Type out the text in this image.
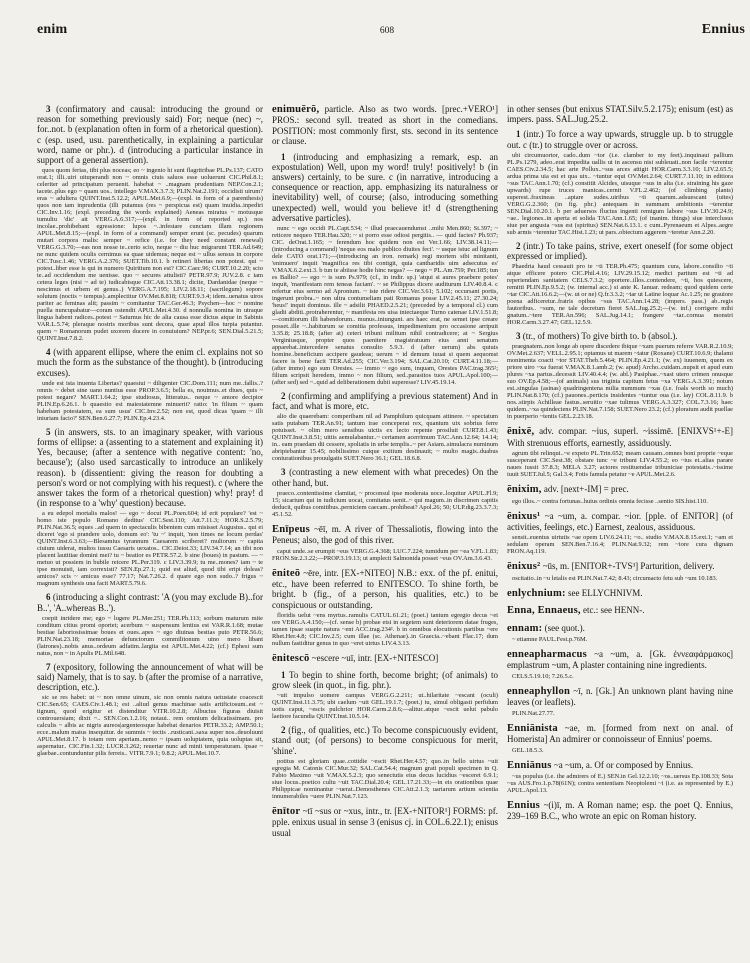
enim	608	Ennius

3 (confirmatory and causal: introducing the ground or reason for something previously said) For; neque (nec) ~, for..not. b (explanation often in form of a rhetorical question). c (esp. used, usu. parenthetically, in explaining a particular word, name or phr.). d (introducing a particular instance in support of a general assertion).

quos quom ferias, tibi plus noceas; eo ~ ingenio hi sunt flagritribae PL.Ps.137; CATO orat.1; illi..uiri uituperandi non ~ omnis ciuis saluos esse uoluerunt CIC.Phil.8.1; celeriter ad principatum peruenit. habebat ~ ..magnam prudentiam NEP.Con.2.1; tacete..plus ego ~ quam uos.. intellego V.MAX.3.7.3; PLIN.Nat.2.191; occidisti uirum? eras ~ adultera QUINT.Inst.5.12.2; APUL.Met.6.9;—(expl. in form of a parenthesis) quos non tam inprudentia (illi putamus (res ~ perspicua est) quam inuidia..inpediri CIC.Inv.1.16; (expl. preceding the words explained) Aeneas miratus ~ motusque tumultu 'dic' ait VERG.A.6.317;—(expl. in form of reported sp.) nos incolae..prohibebant egressione: lupos ~..infestare cunctam illam regionem APUL.Met.8.15;—(expl. in form of a command) semper erunt (sc. pecudes) quarum mutari corpora malis: semper ~ refice (i.e. for they need constant renewal) VERG.G.3.70;—eas non nosse te..certo scio, neque ~ diu huc migrarunt TER.Ad.649; ne nunc quidem oculis cernimus ea quae uidemus; neque est ~ ullus sensus in corpore CIC.Tusc.1.46; VERG.A.2.376; SUET.Tib.10.1. b retineri libertas non potest. qui ~ potest..liber esse is qui in numero Quiritium non est? CIC.Caec.96; CURT.10.2.20; scio te..ad occidendum me uenisse. quo ~ secures attulisti? PETR.97.9; JUV.2.8. c iam cetera leges (nisi ~ ad te) iudicabisque CIC.Att.13.38.1; dicite, Dardanidae (neque ~ nescimus et urbem et genus..) VERG.A.7.195; LIV.2.18.11; (sacrilegum) sopore solutum (noctis ~ tempus)..amplectitur OV.Met.8.818; CURT.9.3.4; idem..uenatus uiros pariter ac feminas alit; passim ~ comitantur TAC.Ger.46.3; Psychen—hoc ~ nomine puella nuncupabatur—coram ostendit APUL.Met.4.30. d nonnulla nomina in utraque lingua habent radices..potest ~ Saturnus hic de alia causa esse dictus atque in Sabinis VAR.L.5.74; pleraque nostris moribus sunt decora, quae apud illos turpia putantur. quem ~ Romanorum pudet uxorem ducere in conuiuium? NEP.pr.6; SEN.Dial.5.21.5; QUINT.Inst.7.8.2.

4 (with apparent ellipse, where the enim cl. explains not so much the form as the substance of the thought). b (introducing excuses).

unde est ista inuenta Libertas? quaesiui ~ diligenter CIC.Dom.111; num me..fallis..? omnis ~ debet sine uano nuntius esse PROP.3.6.5; bella es, nouimus..et diues, quis ~ potest negare? MART.1.64.2; ipse studiosus, litteratus.. neque ~ amore decipior PLIN.Ep.6.26.1. b quaestio est maiestatemne minuerit? ratio: 'in filium ~ quam habebam potestatem, ea sum usus' CIC.Inv.2.52; non est, quod dicas 'quam ~ illi iniuriam facio?' SEN.Ben.6.27.7; PLIN.Ep.4.23.4.

5 (in answers, sts. to an imaginary speaker, with various forms of ellipse: a (assenting to a statement and explaining it) Yes, because; (after a sentence with negative content: 'no, because'); (also used sarcastically to introduce an unlikely reason). b (dissentient: giving the reason for doubting a person's word or not complying with his request). c (where the answer takes the form of a rhetorical question) why! pray! d (in response to a 'why' question) because.

a eu edepol mortalis malos! — ego ~ docui PL.Poen.604; id erit populare? 'est ~ homo iste populo Romano deditus' CIC.Sest.110; Att.7.11.3; HOR.S.2.5.79; PLIN.Nat.36.5; eques ..ad quem in spectaculis bibentem cum misisset Augustus.. qui ei diceret 'ego si prandere uolo, domum eo': 'tu ~' inquit, 'non times ne locum perdas' QUINT.Inst.6.3.63;—Blesamius tyrannum Caesarem scriberet? multorum ~ capita ciuium uiderat, multos iussu Caesaris uexatos.. CIC.Deiot.33; LIV.34.7.14; an tibi non placent lautitiae domini mei? tu ~ beatior es PETR.57.2. b sine (boues) in pastum. — ~ metuo ut possiem in bubile reicere PL.Per.319. c LIV.3.39.9; tu me..mones? iam ~ te ipse monuisti, iam correxisti? SEN.Ep.27.1; quid est aliud, quod tibi eripi doleas? amicos? scis ~ amicus esse? 77.17; Nat.7.26.2. d quare ego non sudo..? frigus ~ magnum synthesis una facit MART.5.79.6.

6 (introducing a slight contrast: 'A (you may exclude B)..for B..', 'A..whereas B..').

coepit inridere me; ego ~ lugere PL.Mer.251; TER.Ph.113; sorbum maturum mite conditum citius promi oportet; acerbum ~ suspensum lentius est VAR.R.1.68; mutae bestiae laboriosissimae boues et oues..apes ~ ego diuinas bestias puto PETR.56.6; PLIN.Nat.23.18; memoriae defunctorum commilitonum uino mero libant (latrones)..nobis anus..ordeum adfatim..largita est APUL.Met.4.22; (cf.) Ephesi sum natus, non ~ in Apulis PL.Mil.648.

7 (expository, following the announcement of what will be said) Namely, that is to say. b (after the promise of a narrative, description, etc.).

sic se res habet: ut ~ non omne uinum, sic non omnis natura uetustate coacescit CIC.Sen.65; CAES.Civ.1.48.1; est ..aliud genus machinae satis artificiosum..est ~ tignum, quod erigitur et distenditur VITR.10.2.8; Albucius figuras diuisit controuersiam; dixit ~.. SEN.Con.1.2.16; notaui.. rem omnium delicatissimam. pro calculis ~ albis ac nigris aureos|argenteosque habebat denarios PETR.33.2; AMP.50.1; ecce..malum maius insequitur. de summis ~ tectis ..rusticani..saxa super nos..deuoluunt APUL.Met.8.17. b totam rem aperiam..nemo ~ ipsam uoluptatem, quia uoluptas sit, aspernatur.. CIC.Fin.1.32; LUCR.3.262; reuertar nunc ad minii temperaturam. ipsae ~ glaebae..contunduntur pilis ferreis.. VITR.7.9.1; 9.8.2; APUL.Met.10.7.

enimuērō, particle. Also as two words. [prec.+VERO¹] PROS.: second syll. treated as short in the comedians. POSITION: most commonly first, sts. second in its sentence or clause.

1 (introducing and emphasizing a remark, esp. an expostulation) Well, upon my word! truly! positively! b (in answers) certainly, to be sure. c (in narrative, introducing a consequence or reaction, app. emphasizing its naturalness or inevitability) well, of course; (also, introducing something unexpected) well, would you believe it! d (strengthening adversative particles).

nunc ~ ego occidi PL.Capt.534; ~ illud praecauendumst ..mihi Men.860; St.397; ~ reticere nequeo TER.Hau.320; ~ si porro esse odiosi pergitis.. — quid facies? Ph.937; CIC. deOrat.1.165; ~ ferendum hoc quidem non est Ver.1.66; LIV.38.14.11;—(introducing a command) 'neque eos malo publico diuites feci'. ~ usque istuc ad lignum dele CATO orat.171;—(introducing an iron. remark) regi mortem sibi minitanti, 'enimuero' inquit 'magnifica res tibi contigit, quia cantharidis uim adsecutus es' V.MAX.6.2.ext.3. b tun te abiisse hodie hinc negas? — nego ~ PL.Am.759; Per.185; tun es Ballio? — ego ~ is sum Ps.979; (cf., in indir. sp.) 'atqui si aures praebere potes' inquit, 'manifestam rem teneas faciam'. ~ se Philippus dicere auditurum LIV.40.8.4. c refertur eius sermo ad Apronium. ~ iste ridere CIC.Ver.3.61; 5.102; occursant portis, ingerunt probra..~ non ultra contumeliam pati Romanus posse LIV.2.45.11; 27.30.24; 'heus!' inquit dominus. ille ~ adsilit PHAED.2.5.21; (preceded by a temporal cl.) cum gladii abditi..protraherentur, ~ manifesta res uisa iniectaeque Turno catenae LIV.1.51.8;—comitiorum illi habendorum.. munus..iniungunt. ars haec erat, ne semet ipse creare posset..ille ~..habiturum se comitia professus, impedimentum pro occasione arripuit 3.35.8; 25.18.8; (after at) ceteri tribuni militum nihil contradicere; at ~ Sergius Verginiusque, propter quos paenitere magistratuum eius anni senatum apparebat..intercedere senatus consulto 5.9.3. d (after uerum) abs quiuis homine..beneficium accipere gaudeas; uerum ~ id demum iuuat si quem aequomst facere is bene facit TER.Ad.255; CIC.Ver.3.194; SAL.Cat.20.10; CURT.4.11.18;—(after immo) ego sum Orestes. — immo ~ ego sum, inquam, Orestes PAC.trag.365²; filium scripsit heredem, immo ~ non filium, sed..parasitos tuos APUL.Apol.100;—(after sed) sed ~..quid ad deliberationem dubii superesse? LIV.45.19.14.

2 (confirming and amplifying a previous statement) And in fact, and what is more, etc.

alio die quaerebam: comperibam nil ad Pamphilum quicquam attinere. ~ spectatum satis putabam TER.An.91; tantum irae conceperat rex, quantum uix sobrius ferre potuisset. ~ olim mero sensibus uictis ex lecto repente prosiluit CURT.8.1.43; QUINT.Inst.3.8.51; uitiis aemulabantur..~ certamen acerrimum TAC.Ann.12.64; 14.14; in.. eam praedam dii cessere, spoliatis in urbe templis..~ per Asiam..simulacra numinum abripiebantur 15.45; nobilissimo cuique exitium destinauit; ~ multo magis..duabus coniurationibus prouulgatis SUET.Nero 36.1; GEL.18.6.8.

3 (contrasting a new element with what precedes) On the other hand, but.

praeco..contentissime clamitat, ~ proconsul ipse moderata uoce..loquitur APUL.Fl.9; 15; sicarium qui in iudicium uocat, comitatus uenit..~ qui magum..in discrimen capitis deducit, quibus comitibus..perniciem caecam..prohibeat? Apol.26; 50; ULP.dig.23.3.7.3; 45.1.52.

Enīpeus ~ēī, m. A river of Thessaliotis, flowing into the Peneus; also, the god of this river.

caput unde..se erumpit ~eus VERG.G.4.368; LUC.7.224; tumidum per ~ea V.FL.1.83; FRON.Str.2.3.22;—PROP.3.19.13; ut amplecti Salmonida posset ~eus OV.Am.3.6.43.

ēniteō ~ēre, intr. [EX-+NITEO] N.B.: exx. of the pf. enitui, etc., have been referred to ENITESCO. To shine forth, be bright. b (fig., of a person, his qualities, etc.) to be conspicuous or outstanding.

floridis uelut ~ens myrtus..ramulis CATUL.61.21; (poet.) tantum egregio decus ~et ore VERG.A.4.150;—(cf. sense b) probae etsi in segetem sunt deteriorem datae fruges, tamen ipsae suapte natura ~ent ACC.trag.234¹. b in omnibus elocutionis partibus ~ere Rhet.Her.4.8; CIC.Inv.2.5; cum illae (sc. Athenae)..in Graecia..~ebant Flac.17; dum nullum fastiditur genus in quo ~eret uirtus LIV.4.3.13.

ēnitescō ~escere ~uī, intr. [EX-+NITESCO]

1 To begin to shine forth, become bright; (of animals) to grow sleek (in quot., in fig. phr.).

~uit impulso uomere campus VERG.G.2.211; ut..hilaritate ~escant (oculi) QUINT.Inst.11.3.75; ubi caelum ~uit GEL.19.1.7; (poet.) tu, simul obligasti perfidum uotis caput, ~escis pulchrior HOR.Carm.2.8.6;—alitur..atque ~escit uelut pabulo laetiore facundia QUINT.Inst.10.5.14.

2 (fig., of qualities, etc.) To become conspicuously evident, stand out; (of persons) to become conspicuous for merit, 'shine'.

potitus est gloriam quae..cottidie ~escit Rhet.Her.4.57; quo..in bello uirtus ~uit egregia M. Catonis CIC.Mur.32; SAL.Cat.54.4; magnum grati populi specimen in Q. Fabio Maximo ~uit V.MAX.5.2.3; quo senectutis eius decus lucidius ~esceret 6.9.1; siue locus..poetico cultu ~uit TAC.Dial.20.4; GEL.17.21.33;—in eis orationibus quae Philippicae nominantur ~uerat..Demosthenes CIC.Att.2.1.3; uariarum artium scientia innumerabiles ~uere PLIN.Nat.7.123.

ēnītor ~tī ~sus or ~xus, intr., tr. [EX-+NITOR¹] FORMS: pf. pple. enixus usual in sense 3 (enisus cj. in COL.6.22.1); enisus usual

in other senses (but enixus STAT.Silv.5.2.175); enisum (est) as impers. pass. SAL.Jug.25.2.

1 (intr.) To force a way upwards, struggle up. b to struggle out. c (tr.) to struggle over or across.

ubi circumuortor, cado..dum ~tor (i.e. clamber to my feet)..inquinaui pallium PL.Ps.1279, adeo..erat impedita uallis ut in ascensu nisi subleuati..non facile ~terentur CAES.Civ.2.34.5; hac arte Pollux..~sus arces attigit HOR.Carm.3.3.10; LIV.2.65.5; ardua prima uia est et qua uix.. ~tuntur equi OV.Met.2.64; CURT.7.11.10; in editiora ~sus TAC.Ann.1.70; (cf.) constitit Alcides, uisuque ~sus in alta (i.e. straining his gaze upwards) rupe truces manicas..cernit V.FL.2.462; (of climbing plants) superest..fraxineas ..aptare sudes..uiribus ~ti quarum..adsuescant (uites) VERG.G.2.360; (in fig. phr.) antequam in summam ambitionis ~terentur SEN.Dial.10.20.1. b per aduersos fluctus ingenti remigum labore ~sus LIV.30.24.9; ~ae.. legiones..in aperta et solida TAC.Ann.1.65; (of inanim. things) siue interclusus siue per angusta ~sus est (spiritus) SEN.Nat.6.13.1. c cum..Pyrenaeum et Alpes..aegre sub armis ~terentur TAC.Hist.1.23; ut pars..obiectum aggerem ~teretur Ann.2.20.

2 (intr.) To take pains, strive, exert oneself (for some object expressed or implied).

Phaedria haud cessauit pro te ~ti TER.Ph.475; quantum cura, labore..consilio ~ti atque efficere potero CIC.Phil.4.16; LIV.29.15.12; medici partium est ~ti ad reperiendam sanitatem CELS.7.3.2; oportere..illos..contendere, ~ti, hos quiescere, remitti PLIN.Ep.9.5.2; (w. internal acc.) si ante K. Ianuar. redeam; quod quidem certe ~tar CIC.Att.16.6.2;—(w. ut or ne) Q.fr.3.3.2; ~tar ut Latine loquar Ac.1.25; ne grauiore poena adficeretur..fratris opibus ~sus TAC.Ann.14.28; (impers. pass.) ab..regis fautoribus.. ~sum, ne tale decretum fieret SAL.Jug.25.2;—(w. inf.) corrigere mihi gnatum..~tere TER.An.596; SAL.Jug.14.1; frangere ~tar..cornua monstri HOR.Carm.3.27.47; GEL.12.5.9.

3 (tr., of mothers) To give birth to. b (absol.).

praegnatem..non longe ab opere discedere ibique ~xam puerum referre VAR.R.2.10.9; OV.Met.2.637; VELL.2.95.1; optamus ut marem ~tatur (Roxane) CURT.10.6.9; thalami monimenta coacti ~tor STAT.Theb.5.464; PLIN.Ep.4.21.1; (w. ex) iuuenem, quem ex priore uiro ~xa fuerat V.MAX.8.1.amb.2; (w. apud) Archo..cuidam..nupsit et apud eum plures ~xa partus..decessit LIV.40.4.4; (w. abl.) Pasiphae..~xast utero crimen onusque suo OV.Ep.4.58;—(of animals) sus triginta capitum fetus ~xa VERG.A.3.391; notum est..singulas (asinas) quadringentena milia nummum ~xas (i.e. foals worth so much) PLIN.Nat.8.170; (cf.) pauones..perticis insidentes ~tuntur oua (i.e. lay) COL.8.11.9. b nos..stirpis Achilleae fastus..seruitio ~xae tulimus VERG.A.3.327; COL.7.3.16; haec quidem..~xa quindeciens PLIN.Nat.7.158; SUET.Nero 23.2; (cf.) ploratum audit puellae in puerperio ~tentis GEL.2.23.18.

ēnixē, adv. compar. ~ius, superl. ~issimē. [ENIXVS¹+-E] With strenuous efforts, earnestly, assiduously.

agrum tibi relinqui..~e expeto PL.Trin.652; meam causam..omnes boni proprie ~eque susceperant CIC.Sest.38; obstare tunc ~e tribuni LIV.4.55.2; eo ~ius et..alias parare naues iussit 37.8.3; MELA 3.27; actores restituendae tribuniciae potestatis..~issime iuuit SUET.Jul.5; Gal.3.4; Fotis famula petatur ~e APUL.Met.2.6.

ēnixim, adv. [next+-IM] = prec.

ego illos..~ contra fortunas..huius ordinis omnia fecisse ..sentio SIS.hist.110.

ēnixus¹ ~a ~um, a. compar. ~ior. [pple. of ENITOR] (of activities, feelings, etc.) Earnest, zealous, assiduous.

sensit..euentus uirtutis ~ae opem LIV.6.24.11; ~o.. studio V.MAX.8.15.ext.1; ~am et sedulam operam SEN.Ben.7.16.4; PLIN.Nat.9.32; rem ~iore cura dignam FRON.Aq.119.

ēnixus² ~ūs, m. [ENITOR+-TVS³] Parturition, delivery.

oscitatio..in ~u letalis est PLIN.Nat.7.42; 8.43; circumacto fetu sub ~um 10.183.

enlychnium: see ELLYCHNIVM.

Enna, Ennaeus, etc.: see HENN-.

ennam: (see quot.).

~ etiamne PAUL.Fest.p.76M.

enneapharmacus ~a ~um, a. [Gk. ἐννεαφάρμακος] emplastrum ~um, A plaster containing nine ingredients.

CELS.5.19.10; 7.26.5.c.

enneaphyllon ~ī, n. [Gk.] An unknown plant having nine leaves (or leaflets).

PLIN.Nat.27.77.

Enniānista ~ae, m. [formed from next on anal. of Homerista] An admirer or connoisseur of Ennius' poems.

GEL.18.5.3.

Enniānus ~a ~um, a. Of or composed by Ennius.

~us populus (i.e. the admirers of E.) SEN.in Gel.12.2.10; ~os..uersus Ep.108.33; Sota ~us AUS.Fro.1.p.78(61N); contra sententiam Neoptolemi ~i (i.e. as represented by E.) APUL.Apol.13.

Ennius ~(i)ī, m. A Roman name; esp. the poet Q. Ennius, 239–169 B.C., who wrote an epic on Roman history.
